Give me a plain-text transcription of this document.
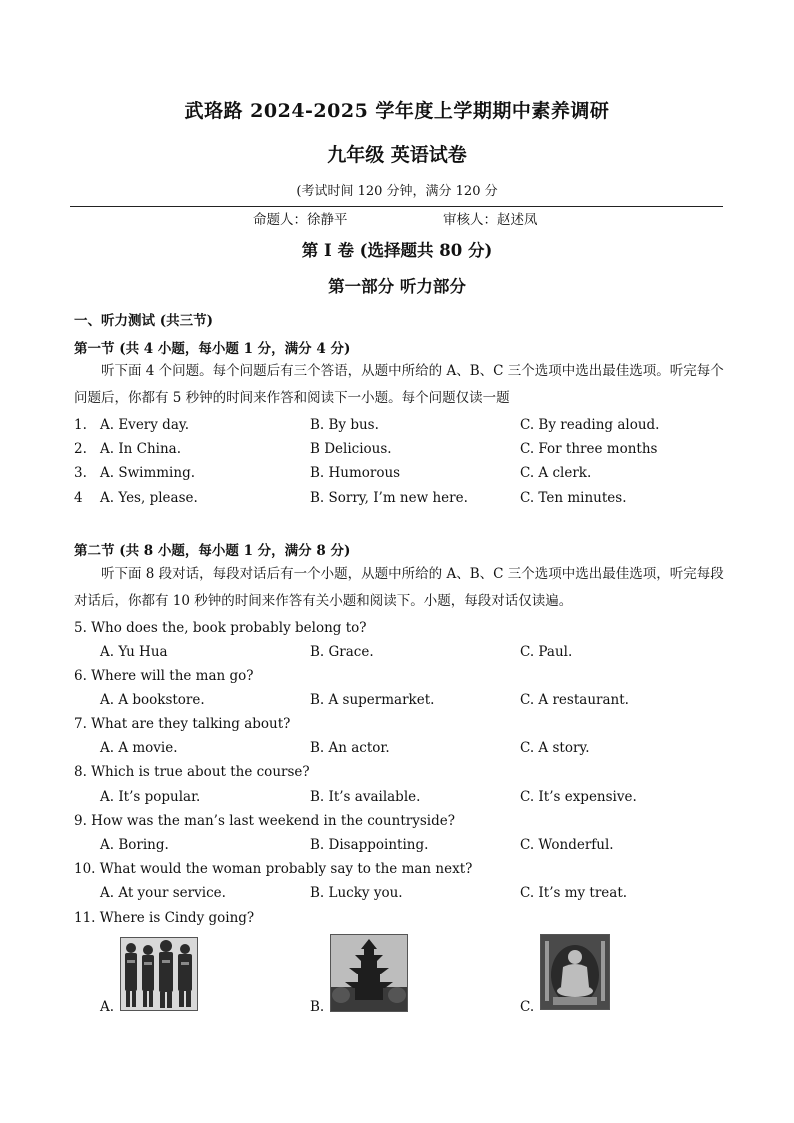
武珞路 2024-2025 学年度上学期期中素养调研
九年级 英语试卷
(考试时间 120 分钟，满分 120 分
命题人：徐静平	审核人：赵述凤
第 I 卷 (选择题共 80 分)
第一部分 听力部分
一、听力测试 (共三节)
第一节 (共 4 小题，每小题 1 分，满分 4 分)
听下面 4 个问题。每个问题后有三个答语，从题中所给的 A、B、C 三个选项中选出最佳选项。听完每个问题后，你都有 5 秒钟的时间来作答和阅读下一小题。每个问题仅读一题
1. A. Every day.	B. By bus.	C. By reading aloud.
2. A. In China.	B Delicious.	C. For three months
3. A. Swimming.	B. Humorous	C. A clerk.
4 A. Yes, please.	B. Sorry, I’m new here.	C. Ten minutes.
第二节 (共 8 小题，每小题 1 分，满分 8 分)
听下面 8 段对话，每段对话后有一个小题，从题中所给的 A、B、C 三个选项中选出最佳选项，听完每段对话后，你都有 10 秒钟的时间来作答有关小题和阅读下。小题，每段对话仅读遍。
5. Who does the, book probably belong to?
A. Yu Hua	B. Grace.	C. Paul.
6. Where will the man go?
A. A bookstore.	B. A supermarket.	C. A restaurant.
7. What are they talking about?
A. A movie.	B. An actor.	C. A story.
8. Which is true about the course?
A. It’s popular.	B. It’s available.	C. It’s expensive.
9. How was the man’s last weekend in the countryside?
A. Boring.	B. Disappointing.	C. Wonderful.
10. What would the woman probably say to the man next?
A. At your service.	B. Lucky you.	C. It’s my treat.
11. Where is Cindy going?
A.	B.	C.
